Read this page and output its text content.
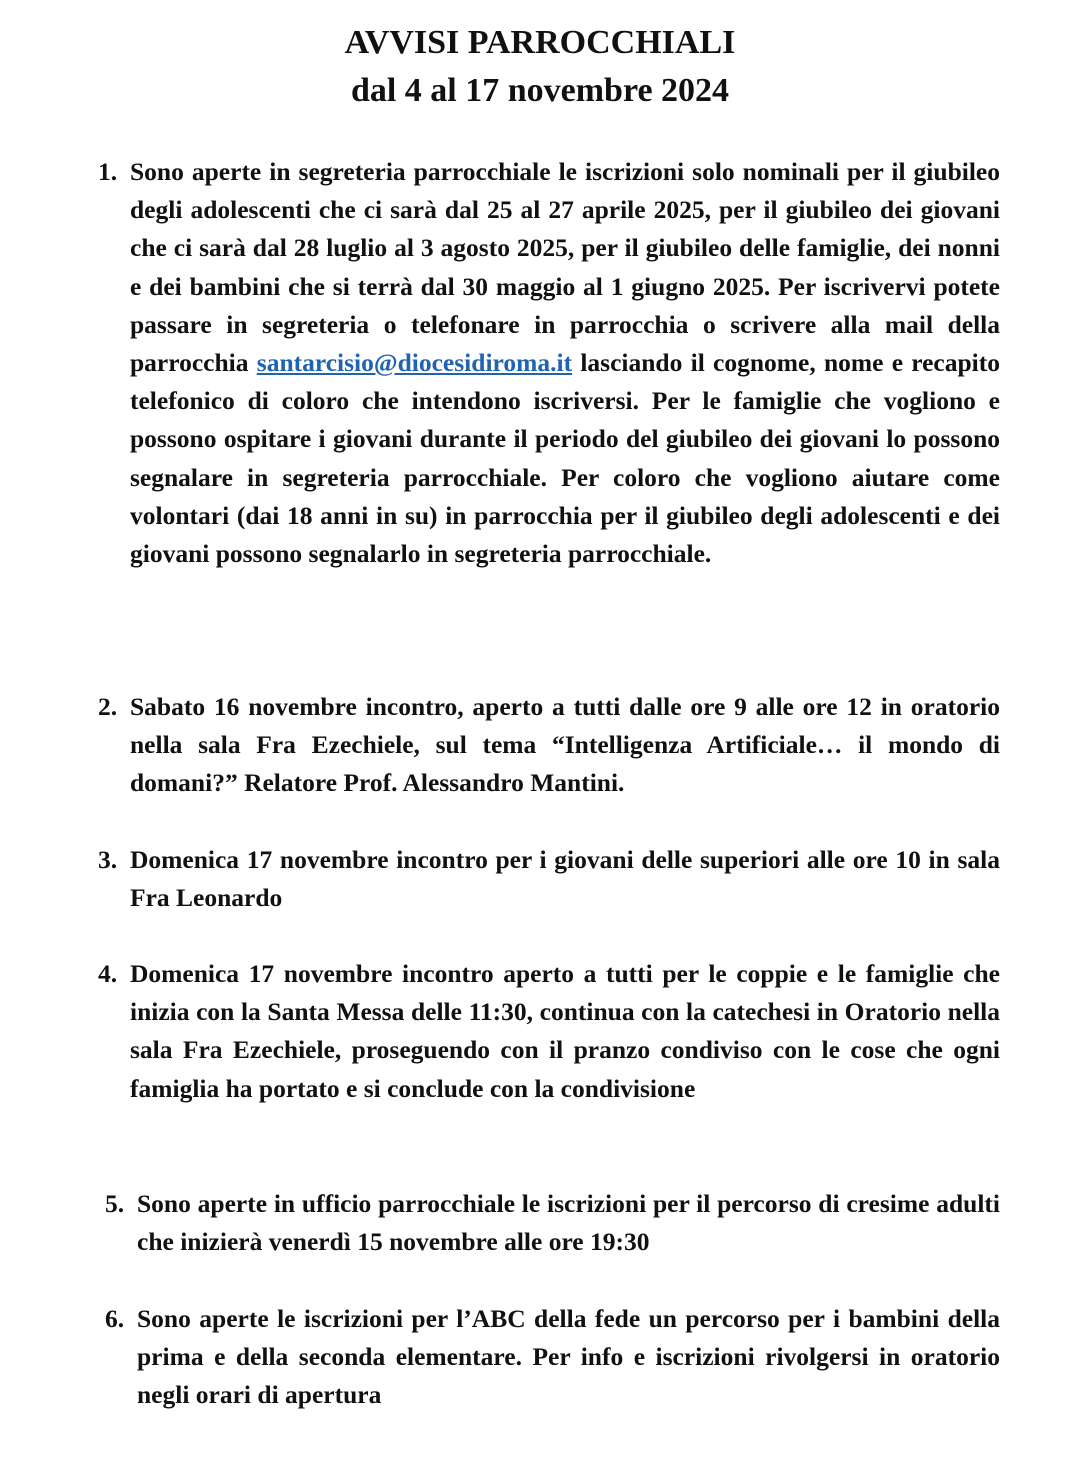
AVVISI PARROCCHIALI
dal 4 al 17 novembre 2024
1. Sono aperte in segreteria parrocchiale le iscrizioni solo nominali per il giubileo degli adolescenti che ci sarà dal 25 al 27 aprile 2025, per il giubileo dei giovani che ci sarà dal 28 luglio al 3 agosto 2025, per il giubileo delle famiglie, dei nonni e dei bambini che si terrà dal 30 maggio al 1 giugno 2025. Per iscrivervi potete passare in segreteria o telefonare in parrocchia o scrivere alla mail della parrocchia santarcisio@diocesidiroma.it lasciando il cognome, nome e recapito telefonico di coloro che intendono iscriversi. Per le famiglie che vogliono e possono ospitare i giovani durante il periodo del giubileo dei giovani lo possono segnalare in segreteria parrocchiale. Per coloro che vogliono aiutare come volontari (dai 18 anni in su) in parrocchia per il giubileo degli adolescenti e dei giovani possono segnalarlo in segreteria parrocchiale.

2. Sabato 16 novembre incontro, aperto a tutti dalle ore 9 alle ore 12 in oratorio nella sala Fra Ezechiele, sul tema “Intelligenza Artificiale… il mondo di domani?” Relatore Prof. Alessandro Mantini.

3. Domenica 17 novembre incontro per i giovani delle superiori alle ore 10 in sala Fra Leonardo

4. Domenica 17 novembre incontro aperto a tutti per le coppie e le famiglie che inizia con la Santa Messa delle 11:30, continua con la catechesi in Oratorio nella sala Fra Ezechiele, proseguendo con il pranzo condiviso con le cose che ogni famiglia ha portato e si conclude con la condivisione

5. Sono aperte in ufficio parrocchiale le iscrizioni per il percorso di cresime adulti che inizierà venerdì 15 novembre alle ore 19:30

6. Sono aperte le iscrizioni per l’ABC della fede un percorso per i bambini della prima e della seconda elementare. Per info e iscrizioni rivolgersi in oratorio negli orari di apertura
